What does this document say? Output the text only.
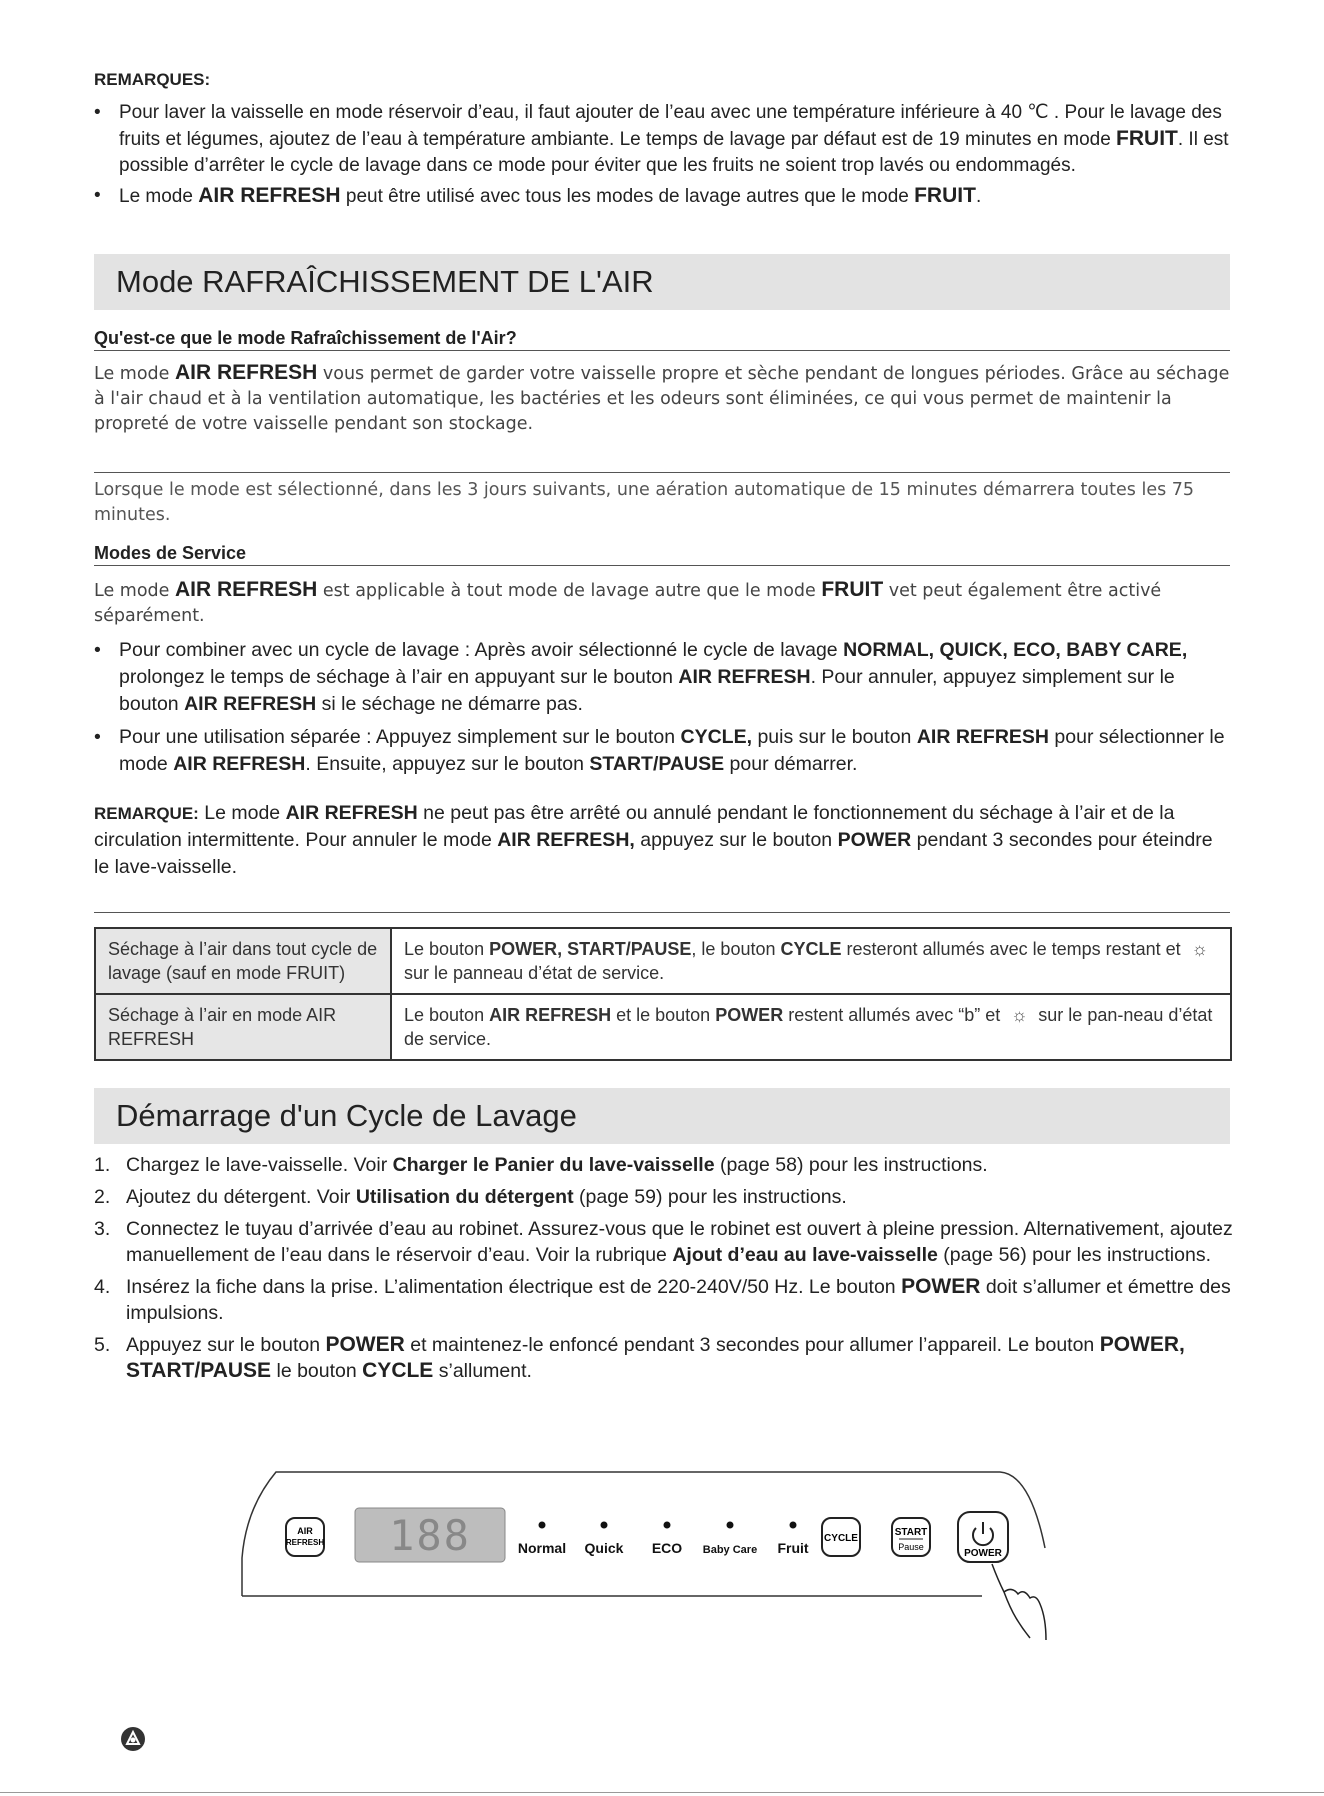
REMARQUES:
• Pour laver la vaisselle en mode réservoir d’eau, il faut ajouter de l’eau avec une température inférieure à 40 ℃ . Pour le lavage des fruits et légumes, ajoutez de l’eau à température ambiante. Le temps de lavage par défaut est de 19 minutes en mode FRUIT. Il est possible d’arrêter le cycle de lavage dans ce mode pour éviter que les fruits ne soient trop lavés ou endommagés.
• Le mode AIR REFRESH peut être utilisé avec tous les modes de lavage autres que le mode FRUIT.
Mode RAFRAÎCHISSEMENT DE L'AIR
Qu'est-ce que le mode Rafraîchissement de l'Air?

Le mode AIR REFRESH vous permet de garder votre vaisselle propre et sèche pendant de longues périodes. Grâce au séchage à l'air chaud et à la ventilation automatique, les bactéries et les odeurs sont éliminées, ce qui vous permet de maintenir la propreté de votre vaisselle pendant son stockage.

Lorsque le mode est sélectionné, dans les 3 jours suivants, une aération automatique de 15 minutes démarrera toutes les 75 minutes.

Modes de Service

Le mode AIR REFRESH est applicable à tout mode de lavage autre que le mode FRUIT vet peut également être activé séparément.

• Pour combiner avec un cycle de lavage : Après avoir sélectionné le cycle de lavage NORMAL, QUICK, ECO, BABY CARE, prolongez le temps de séchage à l’air en appuyant sur le bouton AIR REFRESH. Pour annuler, appuyez simplement sur le bouton AIR REFRESH si le séchage ne démarre pas.
• Pour une utilisation séparée : Appuyez simplement sur le bouton CYCLE, puis sur le bouton AIR REFRESH pour sélectionner le mode AIR REFRESH. Ensuite, appuyez sur le bouton START/PAUSE pour démarrer.

REMARQUE: Le mode AIR REFRESH ne peut pas être arrêté ou annulé pendant le fonctionnement du séchage à l’air et de la circulation intermittente. Pour annuler le mode AIR REFRESH, appuyez sur le bouton POWER pendant 3 secondes pour éteindre le lave-vaisselle.

Séchage à l’air dans tout cycle de lavage (sauf en mode FRUIT)	Le bouton POWER, START/PAUSE, le bouton CYCLE resteront allumés avec le temps restant et ☼ sur le panneau d’état de service.
Séchage à l’air en mode AIR REFRESH	Le bouton AIR REFRESH et le bouton POWER restent allumés avec “b” et ☼ sur le pan-neau d’état de service.
Démarrage d'un Cycle de Lavage
1. Chargez le lave-vaisselle. Voir Charger le Panier du lave-vaisselle (page 58) pour les instructions.
2. Ajoutez du détergent. Voir Utilisation du détergent (page 59) pour les instructions.
3. Connectez le tuyau d’arrivée d’eau au robinet. Assurez-vous que le robinet est ouvert à pleine pression. Alternativement, ajoutez
manuellement de l’eau dans le réservoir d’eau. Voir la rubrique Ajout d’eau au lave-vaisselle (page 56) pour les instructions.
4. Insérez la fiche dans la prise. L’alimentation électrique est de 220-240V/50 Hz. Le bouton POWER doit s’allumer et émettre des impulsions.
5. Appuyez sur le bouton POWER et maintenez-le enfoncé pendant 3 secondes pour allumer l’appareil. Le bouton POWER, START/PAUSE le bouton CYCLE s’allument.
AIR
REFRESH 188	Normal Quick ECO Baby Care Fruit
CYCLE
START
Pause
POWER
